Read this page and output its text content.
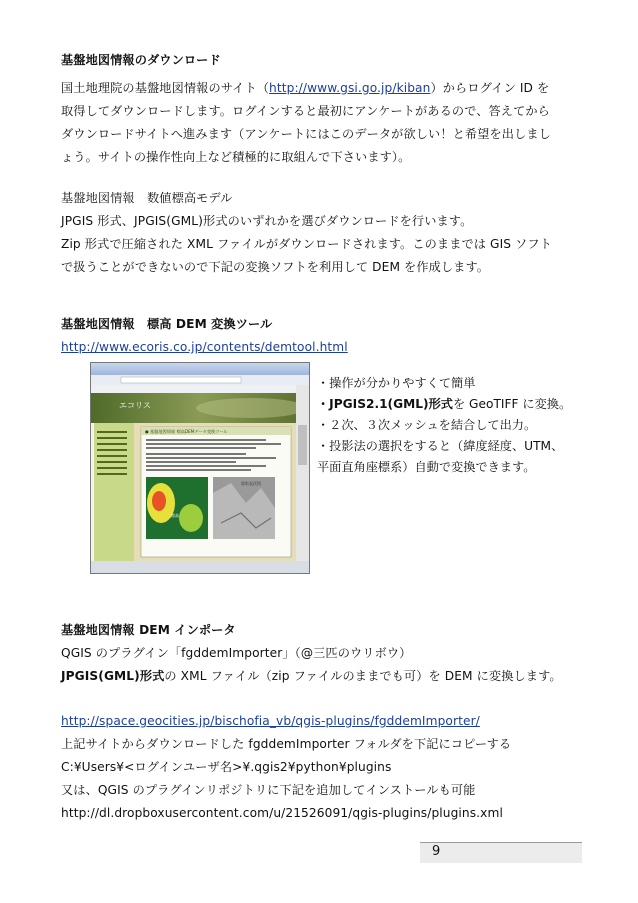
基盤地図情報のダウンロード
国土地理院の基盤地図情報のサイト（http://www.gsi.go.jp/kiban）からログイン ID を
取得してダウンロードします。ログインすると最初にアンケートがあるので、答えてから
ダウンロードサイトへ進みます（アンケートにはこのデータが欲しい！と希望を出しまし
ょう。サイトの操作性向上など積極的に取組んで下さいます）。
基盤地図情報　数値標高モデル
JPGIS 形式、JPGIS(GML)形式のいずれかを選びダウンロードを行います。
Zip 形式で圧縮された XML ファイルがダウンロードされます。このままでは GIS ソフト
で扱うことができないので下記の変換ソフトを利用して DEM を作成します。
基盤地図情報　標高 DEM 変換ツール
http://www.ecoris.co.jp/contents/demtool.html
エコリス
● 基盤地図情報 標高DEMデータ変換ツール
標高
陰影起伏図
・操作が分かりやすくて簡単
・JPGIS2.1(GML)形式を GeoTIFF に変換。
・２次、３次メッシュを結合して出力。
・投影法の選択をすると（緯度経度、UTM、
平面直角座標系）自動で変換できます。
基盤地図情報 DEM インポータ
QGIS のプラグイン「fgddemImporter」（@三匹のウリボウ）
JPGIS(GML)形式の XML ファイル（zip ファイルのままでも可）を DEM に変換します。
http://space.geocities.jp/bischofia_vb/qgis-plugins/fgddemImporter/
上記サイトからダウンロードした fgddemImporter フォルダを下記にコピーする
C:¥Users¥<ログインユーザ名>¥.qgis2¥python¥plugins
又は、QGIS のプラグインリポジトリに下記を追加してインストールも可能
http://dl.dropboxusercontent.com/u/21526091/qgis-plugins/plugins.xml
9
